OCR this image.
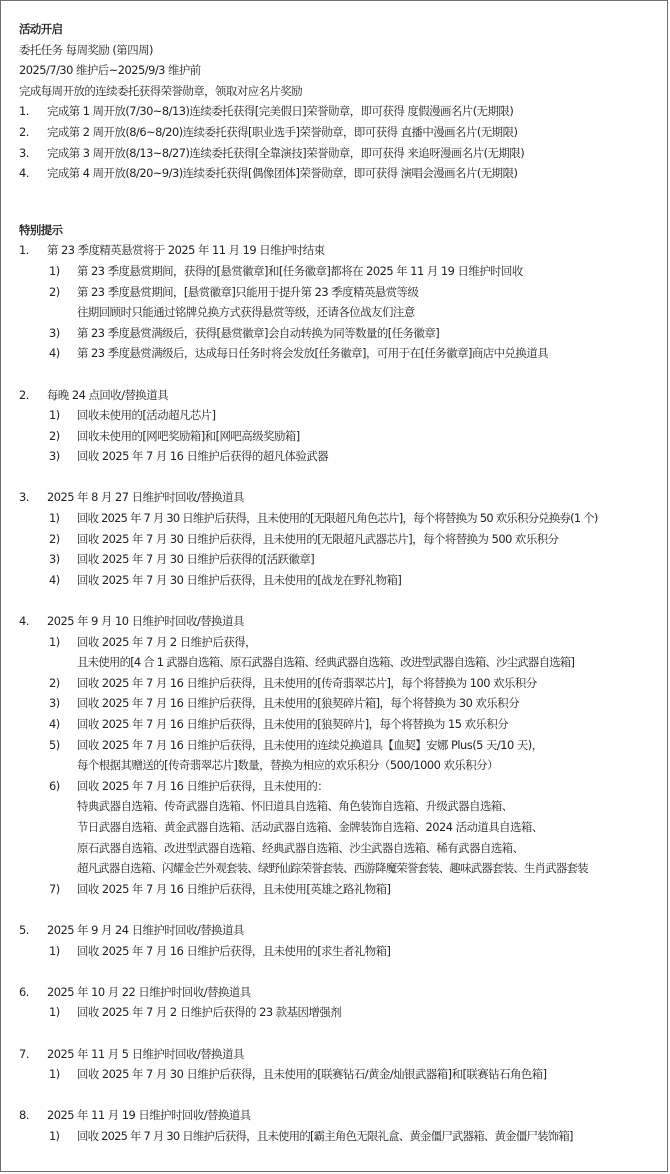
活动开启
委托任务 每周奖励 (第四周)
2025/7/30 维护后~2025/9/3 维护前
完成每周开放的连续委托获得荣誉勋章，领取对应名片奖励
1.	完成第 1 周开放(7/30~8/13)连续委托获得[完美假日]荣誉勋章，即可获得 度假漫画名片(无期限)
2.	完成第 2 周开放(8/6~8/20)连续委托获得[职业选手]荣誉勋章，即可获得 直播中漫画名片(无期限)
3.	完成第 3 周开放(8/13~8/27)连续委托获得[全靠演技]荣誉勋章，即可获得 来追呀漫画名片(无期限)
4.	完成第 4 周开放(8/20~9/3)连续委托获得[偶像团体]荣誉勋章，即可获得 演唱会漫画名片(无期限)
特别提示
1.	第 23 季度精英悬赏将于 2025 年 11 月 19 日维护时结束
1)	第 23 季度悬赏期间，获得的[悬赏徽章]和[任务徽章]都将在 2025 年 11 月 19 日维护时回收
2)	第 23 季度悬赏期间，[悬赏徽章]只能用于提升第 23 季度精英悬赏等级
往期回顾时只能通过铭牌兑换方式获得悬赏等级，还请各位战友们注意
3)	第 23 季度悬赏满级后，获得[悬赏徽章]会自动转换为同等数量的[任务徽章]
4)	第 23 季度悬赏满级后，达成每日任务时将会发放[任务徽章]，可用于在[任务徽章]商店中兑换道具
2.	每晚 24 点回收/替换道具
1)	回收未使用的[活动超凡芯片]
2)	回收未使用的[网吧奖励箱]和[网吧高级奖励箱]
3)	回收 2025 年 7 月 16 日维护后获得的超凡体验武器
3.	2025 年 8 月 27 日维护时回收/替换道具
1)	回收 2025 年 7 月 30 日维护后获得，且未使用的[无限超凡角色芯片]，每个将替换为 50 欢乐积分兑换券(1 个)
2)	回收 2025 年 7 月 30 日维护后获得，且未使用的[无限超凡武器芯片]，每个将替换为 500 欢乐积分
3)	回收 2025 年 7 月 30 日维护后获得的[活跃徽章]
4)	回收 2025 年 7 月 30 日维护后获得，且未使用的[战龙在野礼物箱]
4.	2025 年 9 月 10 日维护时回收/替换道具
1)	回收 2025 年 7 月 2 日维护后获得，
且未使用的[4 合 1 武器自选箱、原石武器自选箱、经典武器自选箱、改进型武器自选箱、沙尘武器自选箱]
2)	回收 2025 年 7 月 16 日维护后获得，且未使用的[传奇翡翠芯片]，每个将替换为 100 欢乐积分
3)	回收 2025 年 7 月 16 日维护后获得，且未使用的[狼契碎片箱]，每个将替换为 30 欢乐积分
4)	回收 2025 年 7 月 16 日维护后获得，且未使用的[狼契碎片]，每个将替换为 15 欢乐积分
5)	回收 2025 年 7 月 16 日维护后获得，且未使用的连续兑换道具【血契】安娜 Plus(5 天/10 天)，
每个根据其赠送的[传奇翡翠芯片]数量，替换为相应的欢乐积分（500/1000 欢乐积分）
6)	回收 2025 年 7 月 16 日维护后获得，且未使用的：
特典武器自选箱、传奇武器自选箱、怀旧道具自选箱、角色装饰自选箱、升级武器自选箱、
节日武器自选箱、黄金武器自选箱、活动武器自选箱、金牌装饰自选箱、2024 活动道具自选箱、
原石武器自选箱、改进型武器自选箱、经典武器自选箱、沙尘武器自选箱、稀有武器自选箱、
超凡武器自选箱、闪耀金芒外观套装、绿野仙踪荣誉套装、西游降魔荣誉套装、趣味武器套装、生肖武器套装
7)	回收 2025 年 7 月 16 日维护后获得，且未使用[英雄之路礼物箱]
5.	2025 年 9 月 24 日维护时回收/替换道具
1)	回收 2025 年 7 月 16 日维护后获得，且未使用的[求生者礼物箱]
6.	2025 年 10 月 22 日维护时回收/替换道具
1)	回收 2025 年 7 月 2 日维护后获得的 23 款基因增强剂
7.	2025 年 11 月 5 日维护时回收/替换道具
1)	回收 2025 年 7 月 30 日维护后获得，且未使用的[联赛钻石/黄金/灿银武器箱]和[联赛钻石角色箱]
8.	2025 年 11 月 19 日维护时回收/替换道具
1)	回收 2025 年 7 月 30 日维护后获得，且未使用的[霸主角色无限礼盒、黄金僵尸武器箱、黄金僵尸装饰箱]
